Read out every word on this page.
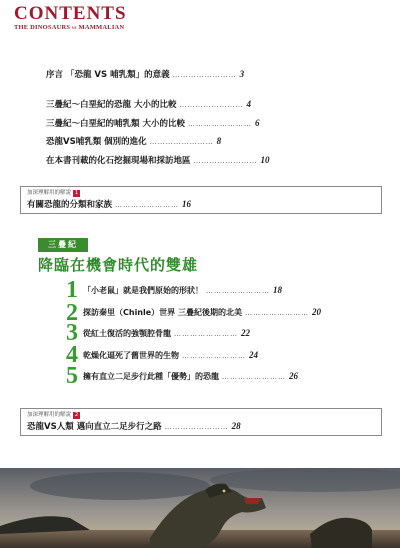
CONTENTS
THE DINOSAURS vs MAMMALIAN
序言 「恐龍 VS 哺乳類」的意義 …………………… 3
三疊紀～白堊紀的恐龍 大小的比較 …………………… 4
三疊紀～白堊紀的哺乳類 大小的比較 …………………… 6
恐龍VS哺乳類 個別的進化 …………………… 8
在本書刊載的化石挖掘現場和採訪地區 …………………… 10
加深理解用的解說 1
有關恐龍的分類和家族 …………………… 16
三疊紀
降臨在機會時代的雙雄
1 「小老鼠」就是我們原始的形狀！ …………………… 18
2 探訪秦里（Chinle）世界 三疊紀後期的北美 …………………… 20
3 從紅土復活的強顎腔骨龍 …………………… 22
4 乾燥化逼死了舊世界的生物 …………………… 24
5 擁有直立二足步行此種「優勢」的恐龍 …………………… 26
加深理解用的解說 2
恐龍VS人類 邁向直立二足步行之路 …………………… 28
